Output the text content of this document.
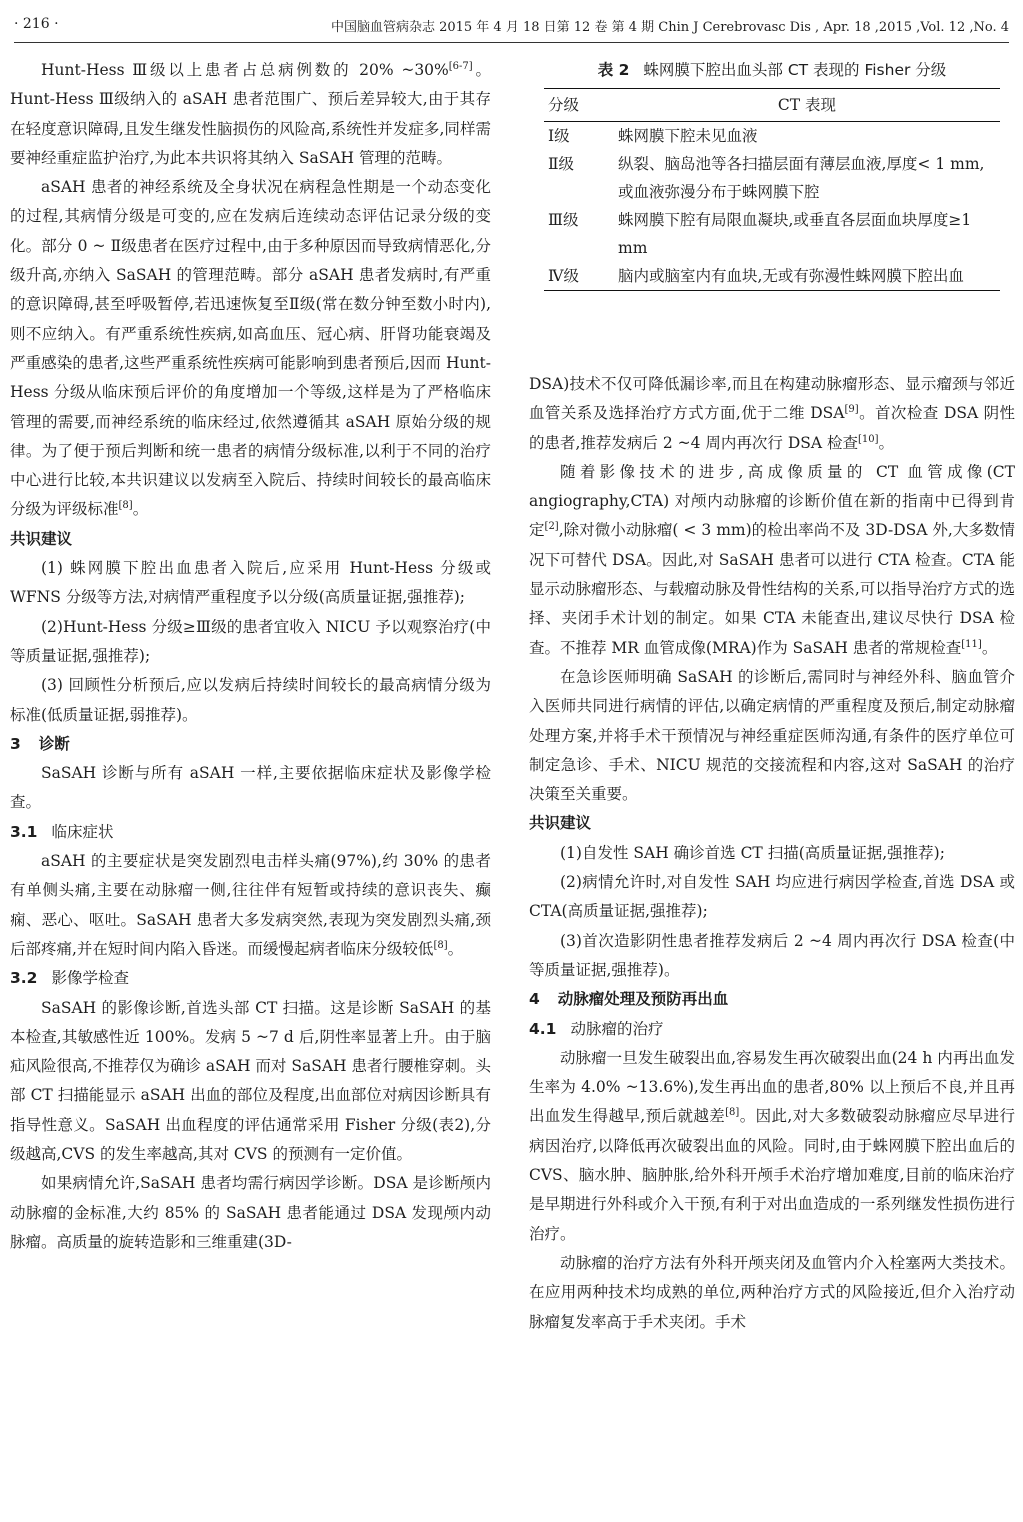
· 216 ·	中国脑血管病杂志 2015 年 4 月 18 日第 12 卷 第 4 期 Chin J Cerebrovasc Dis , Apr. 18 ,2015 ,Vol. 12 ,No. 4

Hunt-Hess Ⅲ级以上患者占总病例数的 20% ~30%[6-7]。Hunt-Hess Ⅲ级纳入的 aSAH 患者范围广、预后差异较大,由于其存在轻度意识障碍,且发生继发性脑损伤的风险高,系统性并发症多,同样需要神经重症监护治疗,为此本共识将其纳入 SaSAH 管理的范畴。

aSAH 患者的神经系统及全身状况在病程急性期是一个动态变化的过程,其病情分级是可变的,应在发病后连续动态评估记录分级的变化。部分 0 ~ Ⅱ级患者在医疗过程中,由于多种原因而导致病情恶化,分级升高,亦纳入 SaSAH 的管理范畴。部分 aSAH 患者发病时,有严重的意识障碍,甚至呼吸暂停,若迅速恢复至Ⅱ级(常在数分钟至数小时内),则不应纳入。有严重系统性疾病,如高血压、冠心病、肝肾功能衰竭及严重感染的患者,这些严重系统性疾病可能影响到患者预后,因而 Hunt-Hess 分级从临床预后评价的角度增加一个等级,这样是为了严格临床管理的需要,而神经系统的临床经过,依然遵循其 aSAH 原始分级的规律。为了便于预后判断和统一患者的病情分级标准,以利于不同的治疗中心进行比较,本共识建议以发病至入院后、持续时间较长的最高临床分级为评级标准[8]。

共识建议

(1) 蛛网膜下腔出血患者入院后,应采用 Hunt-Hess 分级或 WFNS 分级等方法,对病情严重程度予以分级(高质量证据,强推荐);

(2)Hunt-Hess 分级≥Ⅲ级的患者宜收入 NICU 予以观察治疗(中等质量证据,强推荐);

(3) 回顾性分析预后,应以发病后持续时间较长的最高病情分级为标准(低质量证据,弱推荐)。

3 诊断

SaSAH 诊断与所有 aSAH 一样,主要依据临床症状及影像学检查。

3.1 临床症状

aSAH 的主要症状是突发剧烈电击样头痛(97%),约 30% 的患者有单侧头痛,主要在动脉瘤一侧,往往伴有短暂或持续的意识丧失、癫痫、恶心、呕吐。SaSAH 患者大多发病突然,表现为突发剧烈头痛,颈后部疼痛,并在短时间内陷入昏迷。而缓慢起病者临床分级较低[8]。

3.2 影像学检查

SaSAH 的影像诊断,首选头部 CT 扫描。这是诊断 SaSAH 的基本检查,其敏感性近 100%。发病 5 ~7 d 后,阴性率显著上升。由于脑疝风险很高,不推荐仅为确诊 aSAH 而对 SaSAH 患者行腰椎穿刺。头部 CT 扫描能显示 aSAH 出血的部位及程度,出血部位对病因诊断具有指导性意义。SaSAH 出血程度的评估通常采用 Fisher 分级(表2),分级越高,CVS 的发生率越高,其对 CVS 的预测有一定价值。

如果病情允许,SaSAH 患者均需行病因学诊断。DSA 是诊断颅内动脉瘤的金标准,大约 85% 的 SaSAH 患者能通过 DSA 发现颅内动脉瘤。高质量的旋转造影和三维重建(3D-

表 2 蛛网膜下腔出血头部 CT 表现的 Fisher 分级
分级	CT 表现
Ⅰ级	蛛网膜下腔未见血液
Ⅱ级	纵裂、脑岛池等各扫描层面有薄层血液,厚度< 1 mm,或血液弥漫分布于蛛网膜下腔
Ⅲ级	蛛网膜下腔有局限血凝块,或垂直各层面血块厚度≥1 mm
Ⅳ级	脑内或脑室内有血块,无或有弥漫性蛛网膜下腔出血

DSA)技术不仅可降低漏诊率,而且在构建动脉瘤形态、显示瘤颈与邻近血管关系及选择治疗方式方面,优于二维 DSA[9]。首次检查 DSA 阴性的患者,推荐发病后 2 ~4 周内再次行 DSA 检查[10]。

随着影像技术的进步,高成像质量的 CT 血管成像(CT angiography,CTA) 对颅内动脉瘤的诊断价值在新的指南中已得到肯定[2],除对微小动脉瘤( < 3 mm)的检出率尚不及 3D-DSA 外,大多数情况下可替代 DSA。因此,对 SaSAH 患者可以进行 CTA 检查。CTA 能显示动脉瘤形态、与载瘤动脉及骨性结构的关系,可以指导治疗方式的选择、夹闭手术计划的制定。如果 CTA 未能查出,建议尽快行 DSA 检查。不推荐 MR 血管成像(MRA)作为 SaSAH 患者的常规检查[11]。

在急诊医师明确 SaSAH 的诊断后,需同时与神经外科、脑血管介入医师共同进行病情的评估,以确定病情的严重程度及预后,制定动脉瘤处理方案,并将手术干预情况与神经重症医师沟通,有条件的医疗单位可制定急诊、手术、NICU 规范的交接流程和内容,这对 SaSAH 的治疗决策至关重要。

共识建议

(1)自发性 SAH 确诊首选 CT 扫描(高质量证据,强推荐);

(2)病情允许时,对自发性 SAH 均应进行病因学检查,首选 DSA 或 CTA(高质量证据,强推荐);

(3)首次造影阴性患者推荐发病后 2 ~4 周内再次行 DSA 检查(中等质量证据,强推荐)。

4 动脉瘤处理及预防再出血
4.1 动脉瘤的治疗

动脉瘤一旦发生破裂出血,容易发生再次破裂出血(24 h 内再出血发生率为 4.0% ~13.6%),发生再出血的患者,80% 以上预后不良,并且再出血发生得越早,预后就越差[8]。因此,对大多数破裂动脉瘤应尽早进行病因治疗,以降低再次破裂出血的风险。同时,由于蛛网膜下腔出血后的 CVS、脑水肿、脑肿胀,给外科开颅手术治疗增加难度,目前的临床治疗是早期进行外科或介入干预,有利于对出血造成的一系列继发性损伤进行治疗。

动脉瘤的治疗方法有外科开颅夹闭及血管内介入栓塞两大类技术。在应用两种技术均成熟的单位,两种治疗方式的风险接近,但介入治疗动脉瘤复发率高于手术夹闭。手术
